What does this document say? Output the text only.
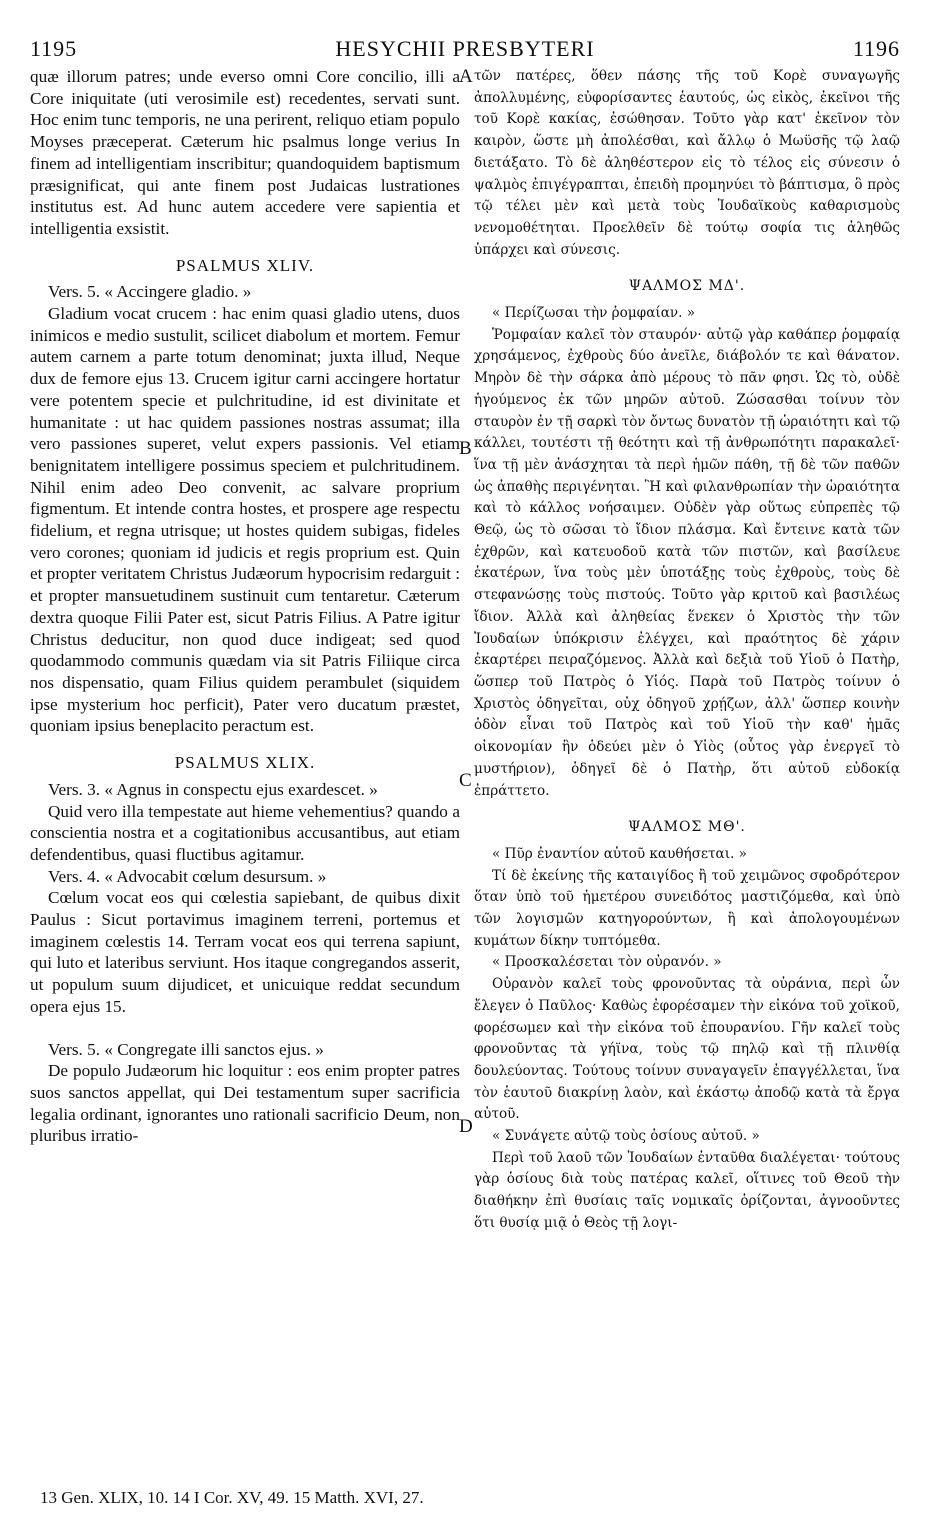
1195	HESYCHII PRESBYTERI	1196
A
B
C
D

quæ illorum patres; unde everso omni Core concilio, illi a Core iniquitate (uti verosimile est) recedentes, servati sunt. Hoc enim tunc temporis, ne una perirent, reliquo etiam populo Moyses præceperat. Cæterum hic psalmus longe verius In finem ad intelligentiam inscribitur; quandoquidem baptismum præsignificat, qui ante finem post Judaicas lustrationes institutus est. Ad hunc autem accedere vere sapientia et intelligentia exsistit.

PSALMUS XLIV.

Vers. 5. « Accingere gladio. »

Gladium vocat crucem : hac enim quasi gladio utens, duos inimicos e medio sustulit, scilicet diabolum et mortem. Femur autem carnem a parte totum denominat; juxta illud, Neque dux de femore ejus 13. Crucem igitur carni accingere hortatur vere potentem specie et pulchritudine, id est divinitate et humanitate : ut hac quidem passiones nostras assumat; illa vero passiones superet, velut expers passionis. Vel etiam benignitatem intelligere possimus speciem et pulchritudinem. Nihil enim adeo Deo convenit, ac salvare proprium figmentum. Et intende contra hostes, et prospere age respectu fidelium, et regna utrisque; ut hostes quidem subigas, fideles vero corones; quoniam id judicis et regis proprium est. Quin et propter veritatem Christus Judæorum hypocrisim redarguit : et propter mansuetudinem sustinuit cum tentaretur. Cæterum dextra quoque Filii Pater est, sicut Patris Filius. A Patre igitur Christus deducitur, non quod duce indigeat; sed quod quodammodo communis quædam via sit Patris Filiique circa nos dispensatio, quam Filius quidem perambulet (siquidem ipse mysterium hoc perficit), Pater vero ducatum præstet, quoniam ipsius beneplacito peractum est.

PSALMUS XLIX.

Vers. 3. « Agnus in conspectu ejus exardescet. »

Quid vero illa tempestate aut hieme vehementius? quando a conscientia nostra et a cogitationibus accusantibus, aut etiam defendentibus, quasi fluctibus agitamur.

Vers. 4. « Advocabit cœlum desursum. »

Cœlum vocat eos qui cœlestia sapiebant, de quibus dixit Paulus : Sicut portavimus imaginem terreni, portemus et imaginem cœlestis 14. Terram vocat eos qui terrena sapiunt, qui luto et lateribus serviunt. Hos itaque congregandos asserit, ut populum suum dijudicet, et unicuique reddat secundum opera ejus 15.

Vers. 5. « Congregate illi sanctos ejus. »

De populo Judæorum hic loquitur : eos enim propter patres suos sanctos appellat, qui Dei testamentum super sacrificia legalia ordinant, ignorantes uno rationali sacrificio Deum, non pluribus irratio-

τῶν πατέρες, ὅθεν πάσης τῆς τοῦ Κορὲ συναγωγῆς ἀπολλυμένης, εὐφορίσαντες ἑαυτούς, ὡς εἰκὸς, ἐκεῖνοι τῆς τοῦ Κορὲ κακίας, ἐσώθησαν. Τοῦτο γὰρ κατ' ἐκεῖνον τὸν καιρὸν, ὥστε μὴ ἀπολέσθαι, καὶ ἄλλῳ ὁ Μωϋσῆς τῷ λαῷ διετάξατο. Τὸ δὲ ἀληθέστερον εἰς τὸ τέλος εἰς σύνεσιν ὁ ψαλμὸς ἐπιγέγραπται, ἐπειδὴ προμηνύει τὸ βάπτισμα, ὃ πρὸς τῷ τέλει μὲν καὶ μετὰ τοὺς Ἰουδαϊκοὺς καθαρισμοὺς νενομοθέτηται. Προελθεῖν δὲ τούτῳ σοφία τις ἀληθῶς ὑπάρχει καὶ σύνεσις.

ΨΑΛΜΟΣ ΜΔ'.

« Περίζωσαι τὴν ῥομφαίαν. »

Ῥομφαίαν καλεῖ τὸν σταυρόν· αὐτῷ γὰρ καθάπερ ῥομφαίᾳ χρησάμενος, ἐχθροὺς δύο ἀνεῖλε, διάβολόν τε καὶ θάνατον. Μηρὸν δὲ τὴν σάρκα ἀπὸ μέρους τὸ πᾶν φησι. Ὡς τὸ, οὐδὲ ἡγούμενος ἐκ τῶν μηρῶν αὐτοῦ. Ζώσασθαι τοίνυν τὸν σταυρὸν ἐν τῇ σαρκὶ τὸν ὄντως δυνατὸν τῇ ὡραιότητι καὶ τῷ κάλλει, τουτέστι τῇ θεότητι καὶ τῇ ἀνθρωπότητι παρακαλεῖ· ἵνα τῇ μὲν ἀνάσχηται τὰ περὶ ἡμῶν πάθη, τῇ δὲ τῶν παθῶν ὡς ἀπαθὴς περιγένηται. Ἢ καὶ φιλανθρωπίαν τὴν ὡραιότητα καὶ τὸ κάλλος νοήσαιμεν. Οὐδὲν γὰρ οὕτως εὐπρεπὲς τῷ Θεῷ, ὡς τὸ σῶσαι τὸ ἴδιον πλάσμα. Καὶ ἔντεινε κατὰ τῶν ἐχθρῶν, καὶ κατευοδοῦ κατὰ τῶν πιστῶν, καὶ βασίλευε ἑκατέρων, ἵνα τοὺς μὲν ὑποτάξῃς τοὺς ἐχθροὺς, τοὺς δὲ στεφανώσῃς τοὺς πιστούς. Τοῦτο γὰρ κριτοῦ καὶ βασιλέως ἴδιον. Ἀλλὰ καὶ ἀληθείας ἕνεκεν ὁ Χριστὸς τὴν τῶν Ἰουδαίων ὑπόκρισιν ἐλέγχει, καὶ πραότητος δὲ χάριν ἐκαρτέρει πειραζόμενος. Ἀλλὰ καὶ δεξιὰ τοῦ Υἱοῦ ὁ Πατὴρ, ὥσπερ τοῦ Πατρὸς ὁ Υἱός. Παρὰ τοῦ Πατρὸς τοίνυν ὁ Χριστὸς ὁδηγεῖται, οὐχ ὁδηγοῦ χρῄζων, ἀλλ' ὥσπερ κοινὴν ὁδὸν εἶναι τοῦ Πατρὸς καὶ τοῦ Υἱοῦ τὴν καθ' ἡμᾶς οἰκονομίαν ἣν ὁδεύει μὲν ὁ Υἱὸς (οὗτος γὰρ ἐνεργεῖ τὸ μυστήριον), ὁδηγεῖ δὲ ὁ Πατὴρ, ὅτι αὐτοῦ εὐδοκίᾳ ἐπράττετο.

ΨΑΛΜΟΣ ΜΘ'.

« Πῦρ ἐναντίον αὐτοῦ καυθήσεται. »

Τί δὲ ἐκείνης τῆς καταιγίδος ἢ τοῦ χειμῶνος σφοδρότερον ὅταν ὑπὸ τοῦ ἡμετέρου συνειδότος μαστιζόμεθα, καὶ ὑπὸ τῶν λογισμῶν κατηγορούντων, ἢ καὶ ἀπολογουμένων κυμάτων δίκην τυπτόμεθα.

« Προσκαλέσεται τὸν οὐρανόν. »

Οὐρανὸν καλεῖ τοὺς φρονοῦντας τὰ οὐράνια, περὶ ὧν ἔλεγεν ὁ Παῦλος· Καθὼς ἐφορέσαμεν τὴν εἰκόνα τοῦ χοϊκοῦ, φορέσωμεν καὶ τὴν εἰκόνα τοῦ ἐπουρανίου. Γῆν καλεῖ τοὺς φρονοῦντας τὰ γήϊνα, τοὺς τῷ πηλῷ καὶ τῇ πλινθίᾳ δουλεύοντας. Τούτους τοίνυν συναγαγεῖν ἐπαγγέλλεται, ἵνα τὸν ἑαυτοῦ διακρίνῃ λαὸν, καὶ ἑκάστῳ ἀποδῷ κατὰ τὰ ἔργα αὐτοῦ.

« Συνάγετε αὐτῷ τοὺς ὁσίους αὐτοῦ. »

Περὶ τοῦ λαοῦ τῶν Ἰουδαίων ἐνταῦθα διαλέγεται· τούτους γὰρ ὁσίους διὰ τοὺς πατέρας καλεῖ, οἵτινες τοῦ Θεοῦ τὴν διαθήκην ἐπὶ θυσίαις ταῖς νομικαῖς ὁρίζονται, ἀγνοοῦντες ὅτι θυσίᾳ μιᾷ ὁ Θεὸς τῇ λογι-

13 Gen. XLIX, 10. 14 I Cor. XV, 49. 15 Matth. XVI, 27.
